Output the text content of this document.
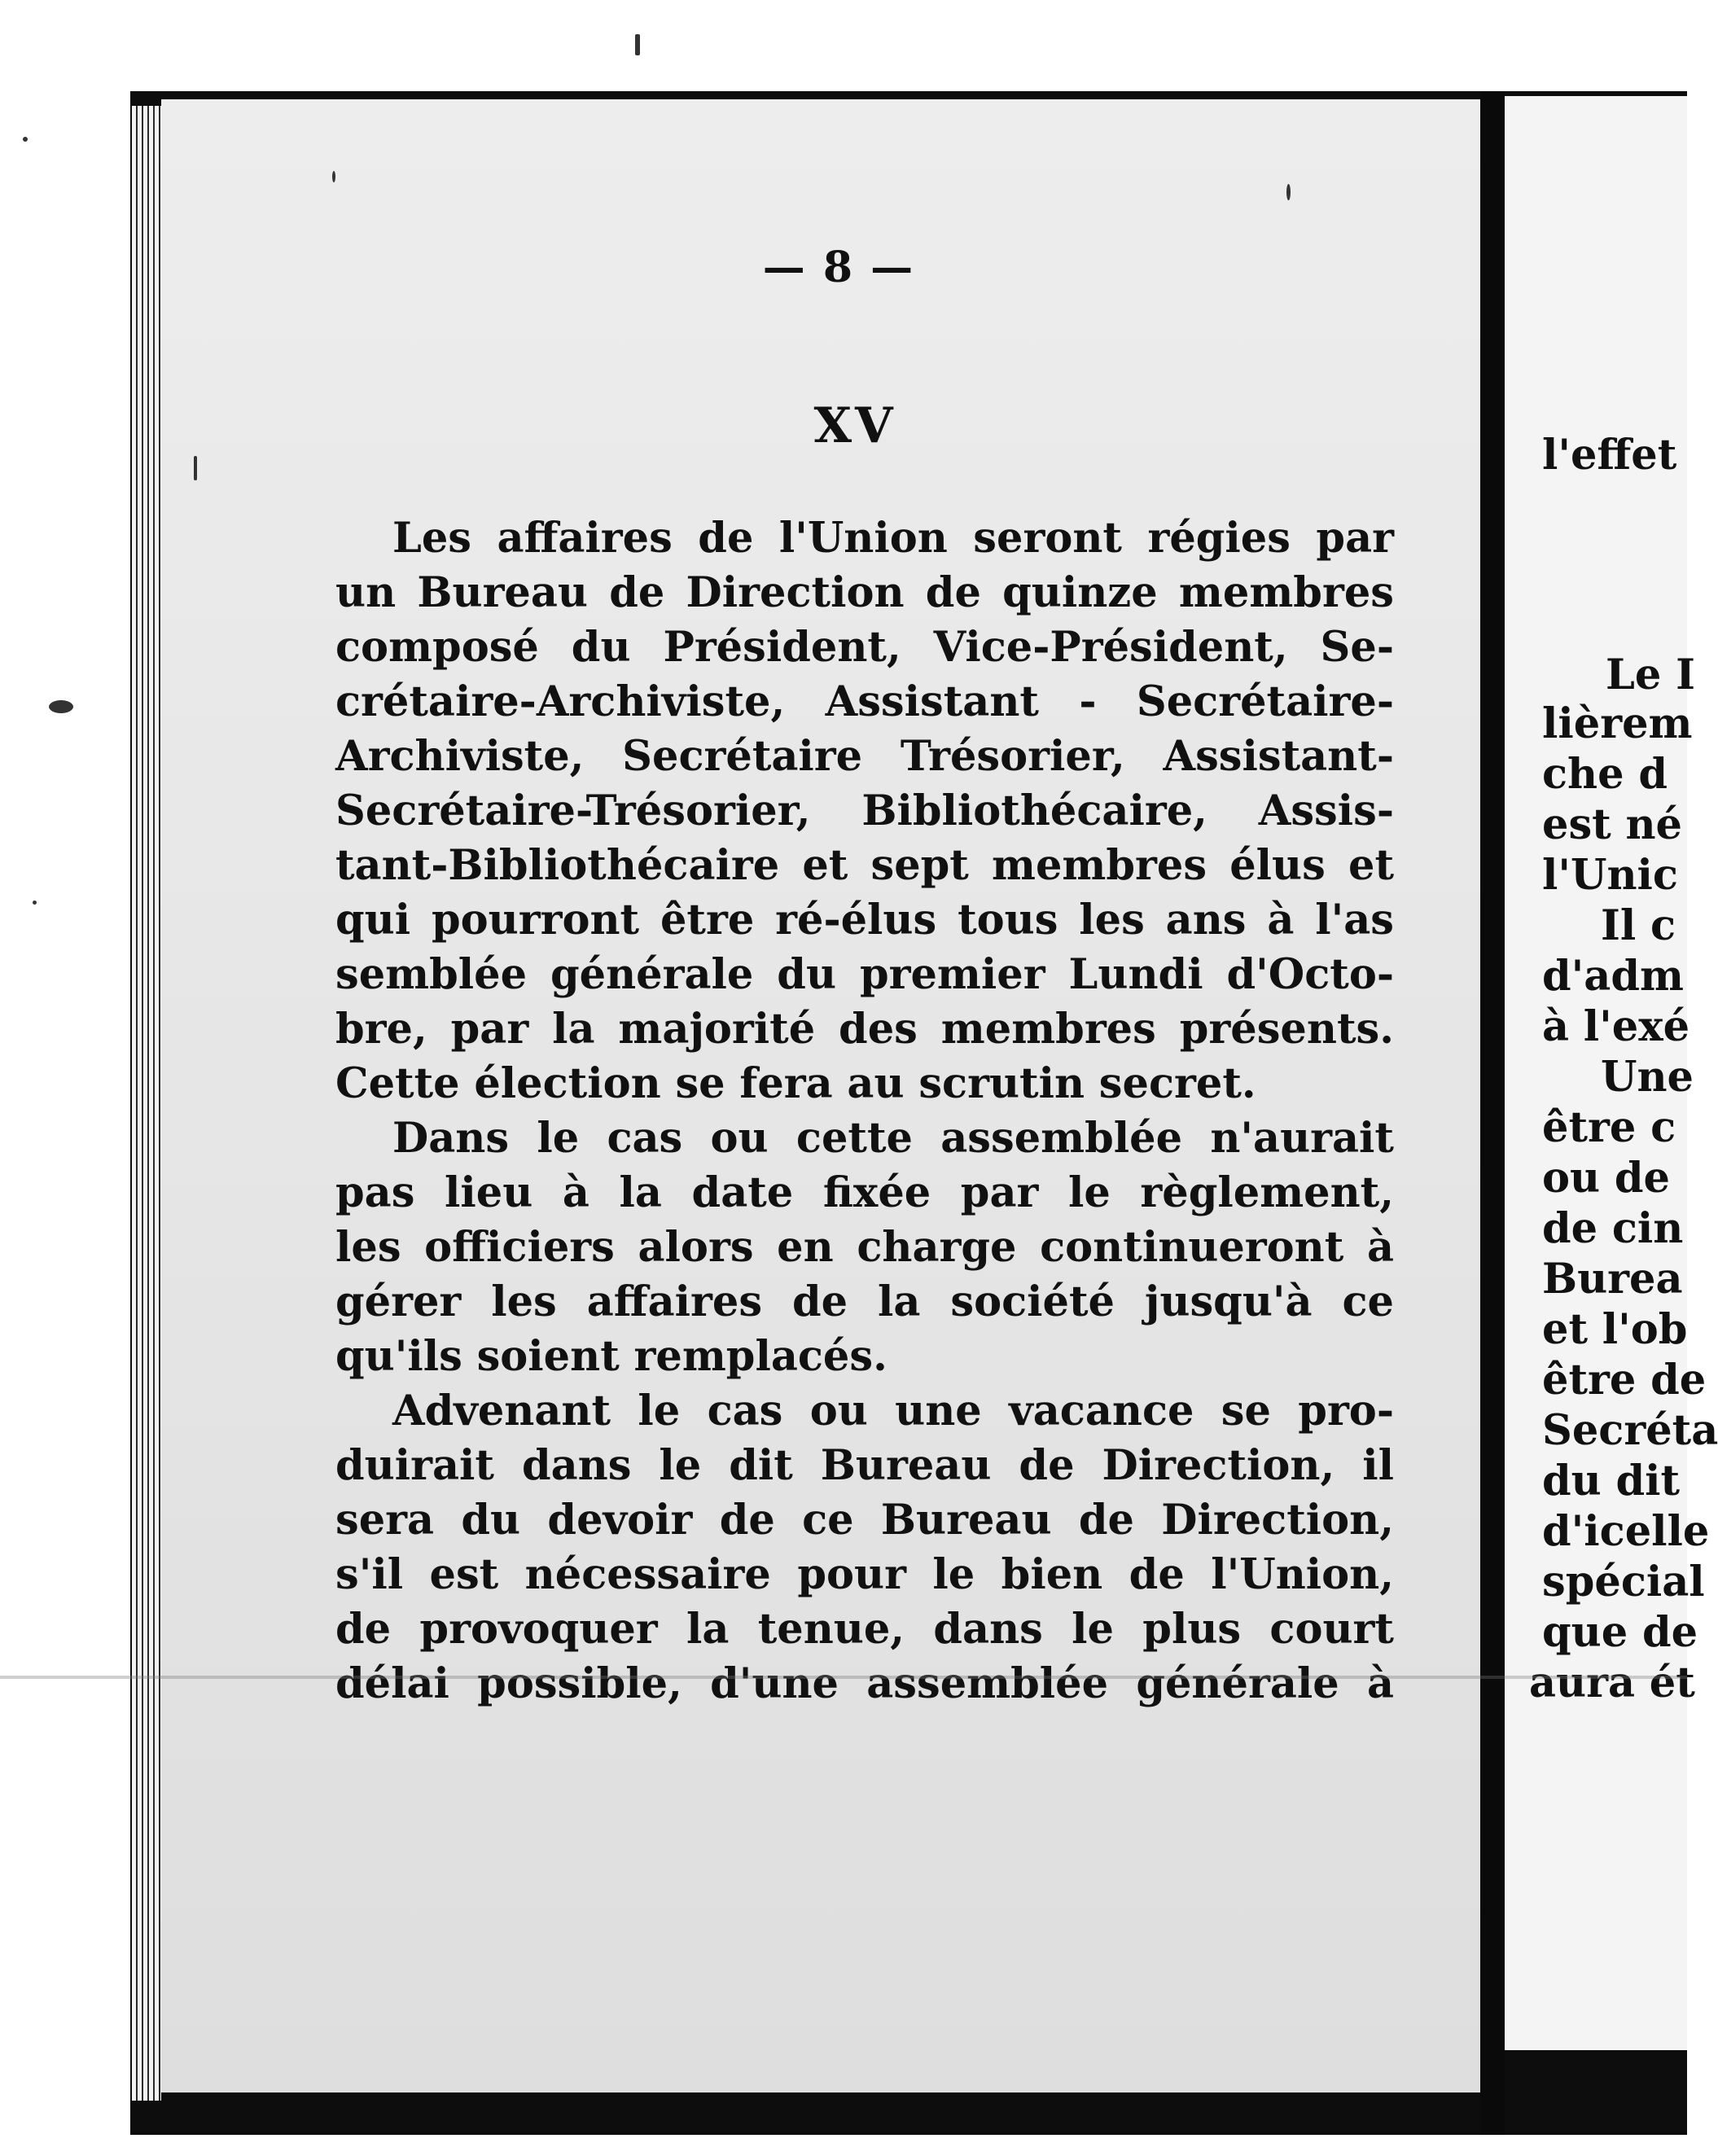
— 8 —
XV
Les affaires de l'Union seront régies par
un Bureau de Direction de quinze membres
composé du Président, Vice-Président, Se-
crétaire-Archiviste, Assistant - Secrétaire-
Archiviste, Secrétaire Trésorier, Assistant-
Secrétaire-Trésorier, Bibliothécaire, Assis-
tant-Bibliothécaire et sept membres élus et
qui pourront être ré-élus tous les ans à l'as
semblée générale du premier Lundi d'Octo-
bre, par la majorité des membres présents.
Cette élection se fera au scrutin secret.
Dans le cas ou cette assemblée n'aurait
pas lieu à la date fixée par le règlement,
les officiers alors en charge continueront à
gérer les affaires de la société jusqu'à ce
qu'ils soient remplacés.
Advenant le cas ou une vacance se pro-
duirait dans le dit Bureau de Direction, il
sera du devoir de ce Bureau de Direction,
s'il est nécessaire pour le bien de l'Union,
de provoquer la tenue, dans le plus court
délai possible, d'une assemblée générale à
l'effet
Le I
lièrem
che d
est né
l'Unic
Il c
d'adm
à l'exé
Une
être c
ou de
de cin
Burea
et l'ob
être de
Secréta
du dit
d'icelle
spécial
que de
aura ét
